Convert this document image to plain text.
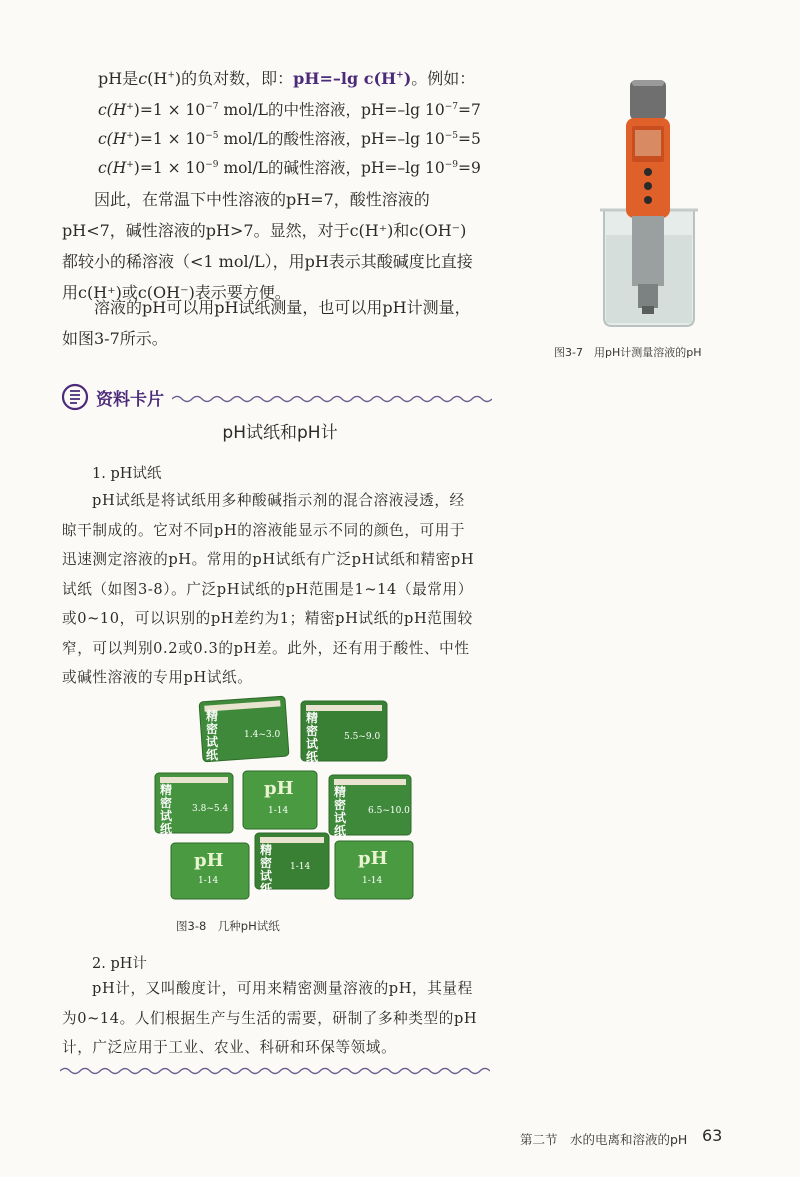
pH是c(H+)的负对数，即：pH=–lg c(H+)。例如：
$c(H^+)=1 \times 10^{-7}$ mol/L的中性溶液，pH=–lg $10^{-7}=7$
$c(H^+)=1 \times 10^{-5}$ mol/L的酸性溶液，pH=–lg $10^{-5}=5$
$c(H^+)=1 \times 10^{-9}$ mol/L的碱性溶液，pH=–lg $10^{-9}=9$
因此，在常温下中性溶液的pH=7，酸性溶液的
pH<7，碱性溶液的pH>7。显然，对于c(H⁺)和c(OH⁻)
都较小的稀溶液（<1 mol/L），用pH表示其酸碱度比直接
用c(H⁺)或c(OH⁻)表示要方便。
溶液的pH可以用pH试纸测量，也可以用pH计测量，
如图3-7所示。
图3-7　用pH计测量溶液的pH
资料卡片
pH试纸和pH计
1. pH试纸
pH试纸是将试纸用多种酸碱指示剂的混合溶液浸透，经
晾干制成的。它对不同pH的溶液能显示不同的颜色，可用于
迅速测定溶液的pH。常用的pH试纸有广泛pH试纸和精密pH
试纸（如图3-8）。广泛pH试纸的pH范围是1~14（最常用）
或0~10，可以识别的pH差约为1；精密pH试纸的pH范围较
窄，可以判别0.2或0.3的pH差。此外，还有用于酸性、中性
或碱性溶液的专用pH试纸。
精密试纸
1.4~3.0
精密试纸
5.5~9.0
精密试纸
3.8~5.4
pH
1-14
精密试纸
6.5~10.0
pH
1-14
精密试纸
1-14	pH
1-14
图3-8　几种pH试纸
2. pH计
pH计，又叫酸度计，可用来精密测量溶液的pH，其量程
为0~14。人们根据生产与生活的需要，研制了多种类型的pH
计，广泛应用于工业、农业、科研和环保等领域。
第二节　水的电离和溶液的pH 63
